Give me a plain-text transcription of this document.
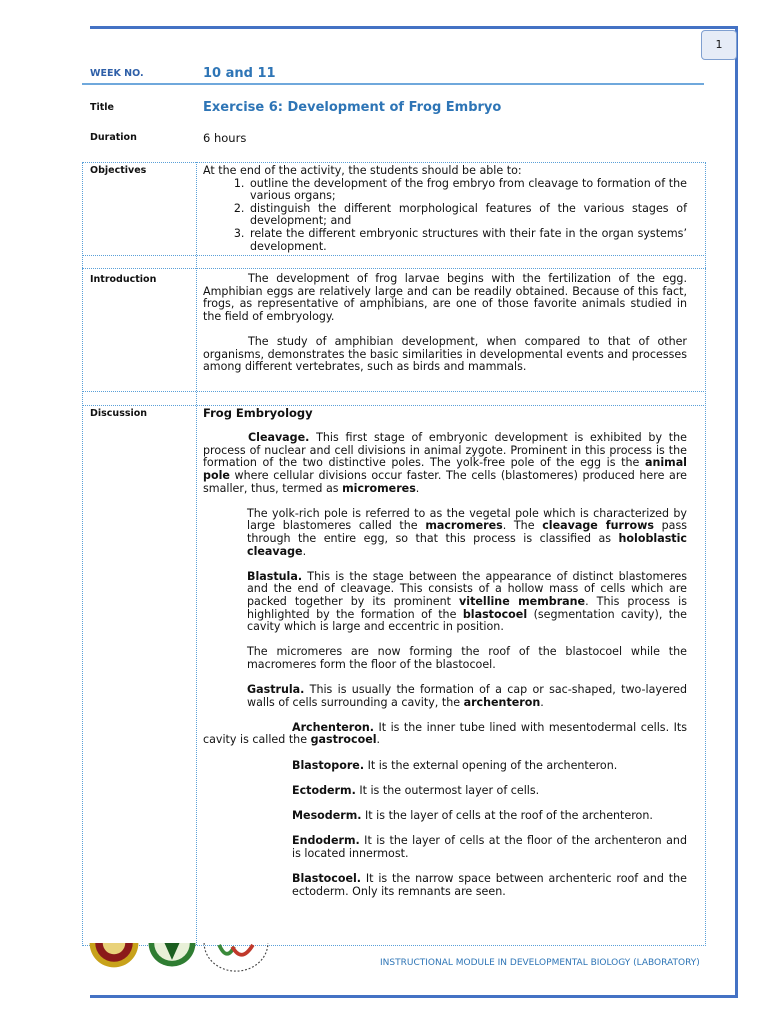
1
WEEK NO.	10 and 11
Title	Exercise 6: Development of Frog Embryo
Duration	6 hours
Objectives	At the end of the activity, the students should be able to:

1. outline the development of the frog embryo from cleavage to formation of the various organs;
2. distinguish the different morphological features of the various stages of development; and
3. relate the different embryonic structures with their fate in the organ systems’ development.
Introduction	The development of frog larvae begins with the fertilization of the egg. Amphibian eggs are relatively large and can be readily obtained. Because of this fact, frogs, as representative of amphibians, are one of those favorite animals studied in the field of embryology.

The study of amphibian development, when compared to that of other organisms, demonstrates the basic similarities in developmental events and processes among different vertebrates, such as birds and mammals.

Discussion	Frog Embryology

Cleavage. This first stage of embryonic development is exhibited by the process of nuclear and cell divisions in animal zygote. Prominent in this process is the formation of the two distinctive poles. The yolk-free pole of the egg is the animal pole where cellular divisions occur faster. The cells (blastomeres) produced here are smaller, thus, termed as micromeres.

The yolk-rich pole is referred to as the vegetal pole which is characterized by large blastomeres called the macromeres. The cleavage furrows pass through the entire egg, so that this process is classified as holoblastic cleavage.

Blastula. This is the stage between the appearance of distinct blastomeres and the end of cleavage. This consists of a hollow mass of cells which are packed together by its prominent vitelline membrane. This process is highlighted by the formation of the blastocoel (segmentation cavity), the cavity which is large and eccentric in position.

The micromeres are now forming the roof of the blastocoel while the macromeres form the floor of the blastocoel.

Gastrula. This is usually the formation of a cap or sac-shaped, two-layered walls of cells surrounding a cavity, the archenteron.

Archenteron. It is the inner tube lined with mesentodermal cells. Its cavity is called the gastrocoel.

Blastopore. It is the external opening of the archenteron.

Ectoderm. It is the outermost layer of cells.

Mesoderm. It is the layer of cells at the roof of the archenteron.

Endoderm. It is the layer of cells at the floor of the archenteron and is located innermost.

Blastocoel. It is the narrow space between archenteric roof and the ectoderm. Only its remnants are seen.

INSTRUCTIONAL MODULE IN DEVELOPMENTAL BIOLOGY (LABORATORY)
